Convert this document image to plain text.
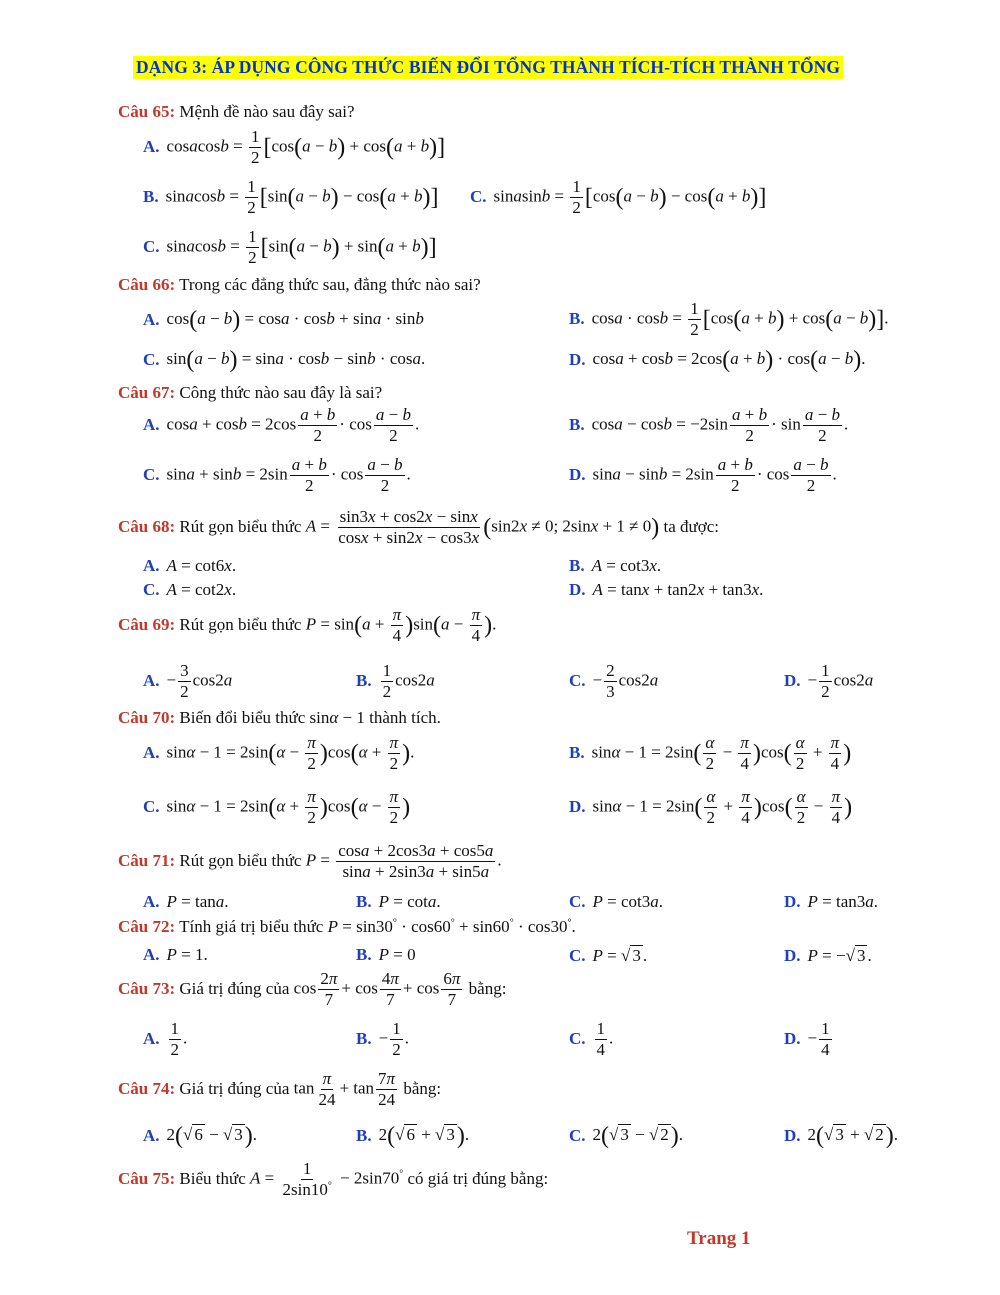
DẠNG 3: ÁP DỤNG CÔNG THỨC BIẾN ĐỔI TỔNG THÀNH TÍCH-TÍCH THÀNH TỔNG
Câu 65: Mệnh đề nào sau đây sai?
A. cosacosb = $\frac{1}{2} [\cos(a - b) + \cos(a + b)]$
B. sinacosb = $\frac{1}{2} [\sin(a - b) - \cos(a + b)]$ C. sinasinb = $\frac{1}{2} [\cos(a - b) - \cos(a + b)]$
C. sinacosb = $\frac{1}{2} [\sin(a - b) + \sin(a + b)]$
Câu 66: Trong các đẳng thức sau, đẳng thức nào sai?
A. cos(a − b) = cosa · cosb + sina · sinb	B. $\cos a \cdot \cos b = \frac{1}{2} [\cos(a + b) + \cos(a - b)]$.
C. sin(a − b) = sina · cosb − sinb · cosa.	D. cosa + cosb = 2cos(a + b) · cos(a − b).
Câu 67: Công thức nào sau đây là sai?
A. $\cos a + \cos b = 2\cos \frac{a + b}{2} \cdot \cos \frac{a - b}{2}$ .	B. $\cos a - \cos b = -2\sin \frac{a + b}{2} \cdot \sin \frac{a - b}{2}$ .
C. $\sin a + \sin b = 2\sin \frac{a + b}{2} \cdot \cos \frac{a - b}{2}$ .	D. $\sin a - \sin b = 2\sin \frac{a + b}{2} \cdot \cos \frac{a - b}{2}$ .
Câu 68:
Rút gọn biểu thức
$A = \frac{\sin 3x + \cos 2x - \sin x}{\cos x + \sin 2x - \cos 3x} (\sin 2x \ne 0$; 2sinx + 1 ≠ 0)
ta được:
A. A = cot6x.	B. A = cot3x.
C. A = cot2x.	D. A = tanx + tan2x + tan3x.
Câu 69:
Rút gọn biểu thức
$P = \sin(a + \frac{\pi}{4} )\sin(a - \frac{\pi}{4}$ ).
A. − $\frac{3}{2} \cos 2a$	B. $\frac{1}{2} \cos 2a$	C. − $\frac{2}{3} \cos 2a$	D. − $\frac{1}{2} \cos 2a$
Câu 70: Biến đổi biểu thức sinα − 1 thành tích.
A. $\sin\alpha - 1 = 2\sin(\alpha - \frac{\pi}{2} )\cos(\alpha + \frac{\pi}{2}$ ).	B. $\sin\alpha - 1 = 2\sin( \frac{\alpha}{2} - \frac{\pi}{4} )\cos( \frac{\alpha}{2} + \frac{\pi}{4}$ )
C. $\sin\alpha - 1 = 2\sin(\alpha + \frac{\pi}{2} )\cos(\alpha - \frac{\pi}{2}$ )	D. $\sin\alpha - 1 = 2\sin( \frac{\alpha}{2} + \frac{\pi}{4} )\cos( \frac{\alpha}{2} - \frac{\pi}{4}$ )
Câu 71:
Rút gọn biểu thức
$P = \frac{\cos a + 2\cos 3a + \cos 5a}{\sin a + 2\sin 3a + \sin 5a}$ .
A. P = tana.	B. P = cota.	C. P = cot3a.	D. P = tan3a.
Câu 72: Tính giá trị biểu thức P = sin30° · cos60° + sin60° · cos30°.
A. P = 1.	B. P = 0	C. P = √ 3 .	D. P = −√ 3 .
Câu 73:
Giá trị đúng của
$\cos \frac{2\pi}{7} + \cos \frac{4\pi}{7} + \cos \frac{6\pi}{7}$
bằng:
A. $\frac{1}{2}$ .	B. − $\frac{1}{2}$ .	C. $\frac{1}{4}$ .	D. − $\frac{1}{4}$
Câu 74:
Giá trị đúng của
$\tan \frac{\pi}{24} + \tan \frac{7\pi}{24}$
bằng:
A. 2(√ 6 − √ 3).	B. 2(√ 6 + √ 3).	C. 2(√ 3 − √ 2).	D. 2(√ 3 + √ 2).
Câu 75:
Biểu thức
$A = \frac{1}{2\sin 10^\circ} - 2\sin 70^\circ$
có giá trị đúng bằng:
Trang 1
